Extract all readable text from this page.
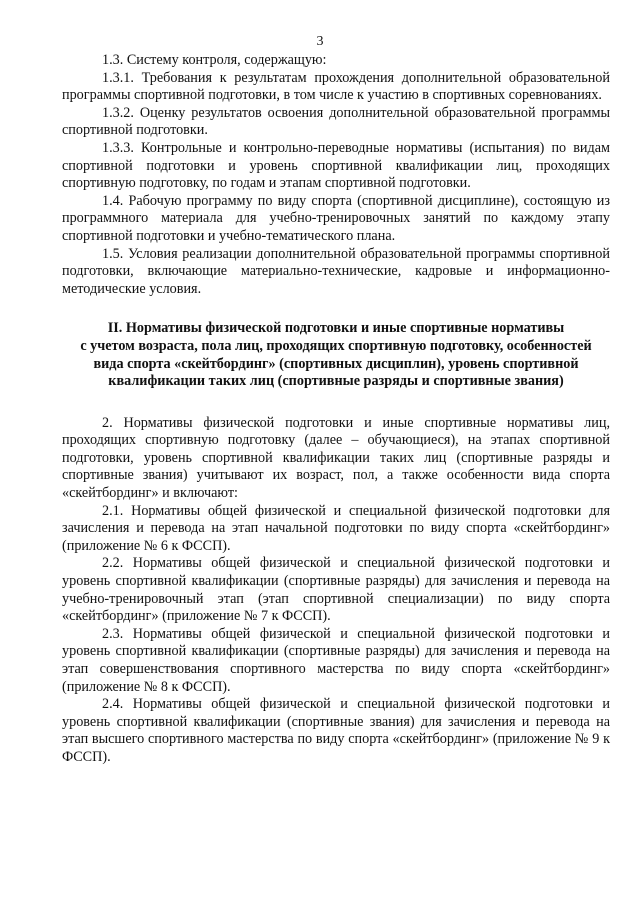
3

1.3. Систему контроля, содержащую:

1.3.1. Требования к результатам прохождения дополнительной образовательной программы спортивной подготовки, в том числе к участию в спортивных соревнованиях.

1.3.2. Оценку результатов освоения дополнительной образовательной программы спортивной подготовки.

1.3.3. Контрольные и контрольно-переводные нормативы (испытания) по видам спортивной подготовки и уровень спортивной квалификации лиц, проходящих спортивную подготовку, по годам и этапам спортивной подготовки.

1.4. Рабочую программу по виду спорта (спортивной дисциплине), состоящую из программного материала для учебно-тренировочных занятий по каждому этапу спортивной подготовки и учебно-тематического плана.

1.5. Условия реализации дополнительной образовательной программы спортивной подготовки, включающие материально-технические, кадровые и информационно-методические условия.

II. Нормативы физической подготовки и иные спортивные нормативы
с учетом возраста, пола лиц, проходящих спортивную подготовку, особенностей
вида спорта «скейтбординг» (спортивных дисциплин), уровень спортивной
квалификации таких лиц (спортивные разряды и спортивные звания)

2. Нормативы физической подготовки и иные спортивные нормативы лиц, проходящих спортивную подготовку (далее – обучающиеся), на этапах спортивной подготовки, уровень спортивной квалификации таких лиц (спортивные разряды и спортивные звания) учитывают их возраст, пол, а также особенности вида спорта «скейтбординг» и включают:

2.1. Нормативы общей физической и специальной физической подготовки для зачисления и перевода на этап начальной подготовки по виду спорта «скейтбординг» (приложение № 6 к ФССП).

2.2. Нормативы общей физической и специальной физической подготовки и уровень спортивной квалификации (спортивные разряды) для зачисления и перевода на учебно-тренировочный этап (этап спортивной специализации) по виду спорта «скейтбординг» (приложение № 7 к ФССП).

2.3. Нормативы общей физической и специальной физической подготовки и уровень спортивной квалификации (спортивные разряды) для зачисления и перевода на этап совершенствования спортивного мастерства по виду спорта «скейтбординг» (приложение № 8 к ФССП).

2.4. Нормативы общей физической и специальной физической подготовки и уровень спортивной квалификации (спортивные звания) для зачисления и перевода на этап высшего спортивного мастерства по виду спорта «скейтбординг» (приложение № 9 к ФССП).
